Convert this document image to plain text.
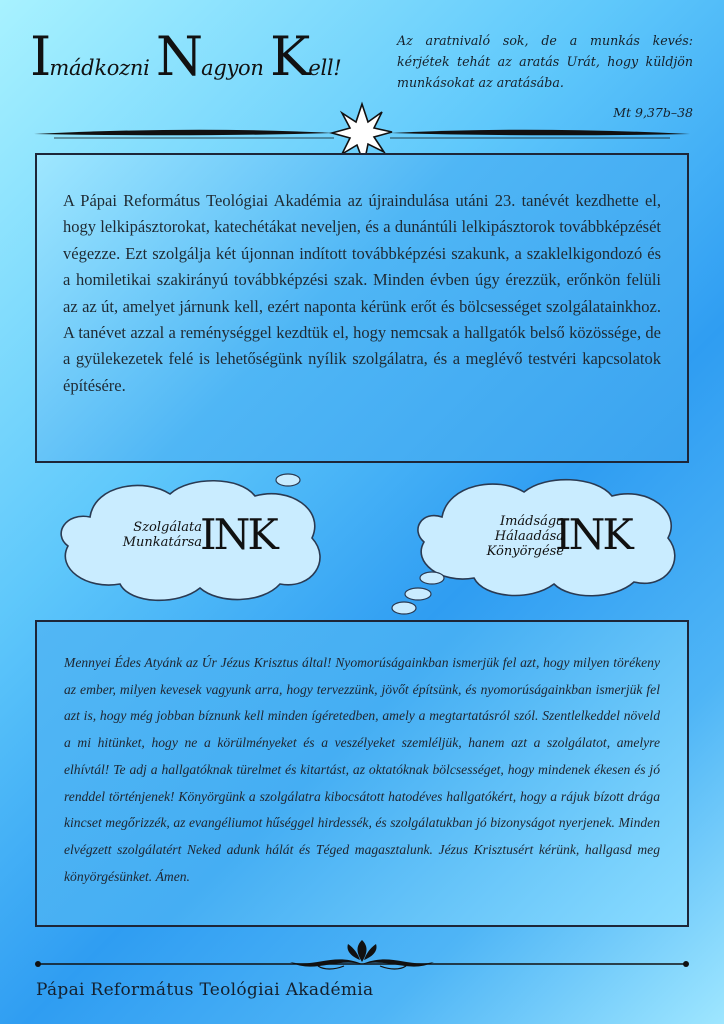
Imádkozni Nagyon Kell!
Az aratnivaló sok, de a munkás kevés: kérjétek tehát az aratás Urát, hogy küldjön munkásokat az aratásába.
Mt 9,37b–38
A Pápai Református Teológiai Akadémia az újraindulása utáni 23. tanévét kezdhette el, hogy lelkipásztorokat, katechétákat neveljen, és a dunántúli lelkipásztorok továbbképzését végezze. Ezt szolgálja két újonnan indított továbbképzési szakunk, a szaklelkigondozó és a homiletikai szakirányú továbbképzési szak. Minden évben úgy érezzük, erőnkön felüli az az út, amelyet járnunk kell, ezért naponta kérünk erőt és bölcsességet szolgálatainkhoz. A tanévet azzal a reménységgel kezdtük el, hogy nemcsak a hallgatók belső közössége, de a gyülekezetek felé is lehetőségünk nyílik szolgálatra, és a meglévő testvéri kapcsolatok építésére.
Szolgálata
Munkatársa
INK	Imádsága
Hálaadása
Könyörgése
INK
Mennyei Édes Atyánk az Úr Jézus Krisztus által! Nyomorúságainkban ismerjük fel azt, hogy milyen törékeny az ember, milyen kevesek vagyunk arra, hogy tervezzünk, jövőt építsünk, és nyomorúságainkban ismerjük fel azt is, hogy még jobban bíznunk kell minden ígéretedben, amely a megtartatásról szól. Szentlelkeddel növeld a mi hitünket, hogy ne a körülményeket és a veszélyeket szemléljük, hanem azt a szolgálatot, amelyre elhívtál! Te adj a hallgatóknak türelmet és kitartást, az oktatóknak bölcsességet, hogy mindenek ékesen és jó renddel történjenek! Könyörgünk a szolgálatra kibocsátott hatodéves hallgatókért, hogy a rájuk bízott drága kincset megőrizzék, az evangéliumot hűséggel hirdessék, és szolgálatukban jó bizonyságot nyerjenek. Minden elvégzett szolgálatért Neked adunk hálát és Téged magasztalunk. Jézus Krisztusért kérünk, hallgasd meg könyörgésünket. Ámen.
Pápai Református Teológiai Akadémia
